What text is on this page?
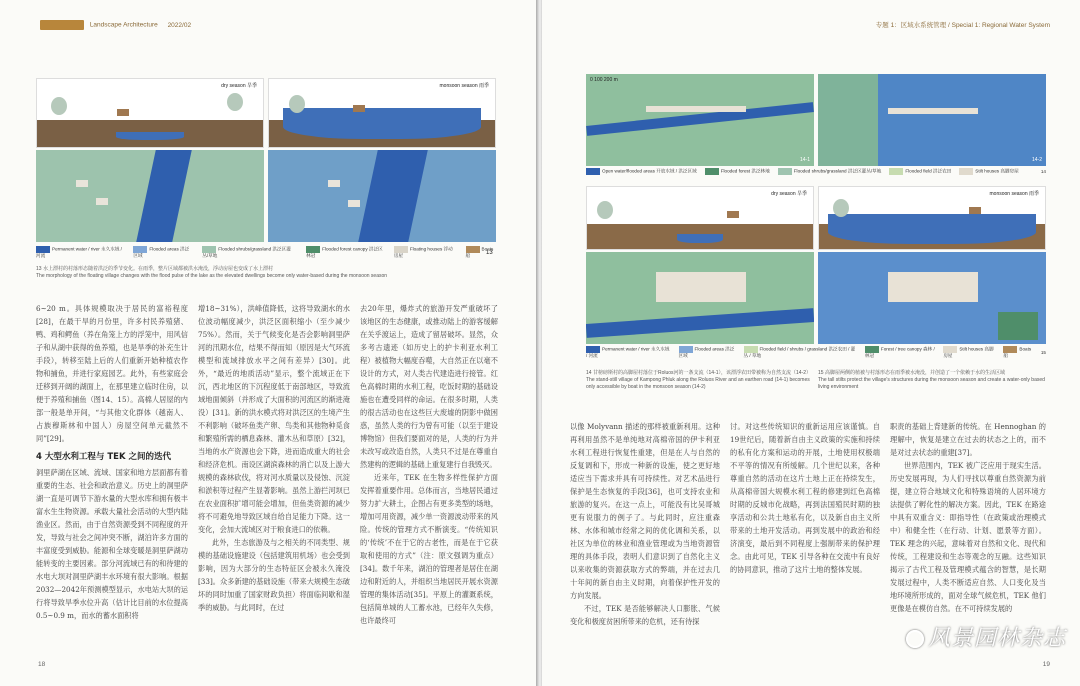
Landscape Architecture 2022/02
dry season 旱季	monsoon season 雨季
Permanent water / river 永久水域 / 河流
Flooded areas 洪泛区域
Flooded shrubs/grassland 洪泛区灌丛/草地
Flooded forest canopy 洪泛区林冠
Floating houses 浮动房屋
Boats 船	13
13 水上漂村的村落形态随着洪泛的季节变化。在雨季，整片区域都被洪水淹没，浮动房屋也变成了水上漂村
The morphology of the floating village changes with the flood pulse of the lake as the elevated dwellings become only water-based during the monsoon season

6~20 m。具体规模取决于居民的富裕程度[28]，在最干旱的月份里，许多村民养殖猪、鸭、鸡和鳄鱼（养在角笼上方的浮笼中，用风信子和从湖中获得的鱼养殖，也是旱季的补充生计手段），转移至陆上后的人们重新开始种植农作物和捕鱼，并进行家庭园艺。此外，有些家庭会迁移到开阔的湖面上，在那里建立临时住房，以便于养殖和捕鱼（图14、15）。高棉人居屋的内部一般是单开间，“与其他文化群体（越南人、占族穆斯林和中国人）房屋空间单元截然不同”[29]。

4 大型水利工程与 TEK 之间的迭代

洞里萨湖在区域、流域、国家和地方层面都有着重要的生态、社会和政治意义。历史上的洞里萨湖一直是可调节下游水量的大型水库和拥有极丰富水生生物资源。承载大量社会活动的大型内陆渔业区。然而，由于自然资源受到不同程度的开发，导致与社会之间冲突不断，湖泊许多方面的丰富度受到威胁。能源和全球变暖是洞里萨湖功能转变的主要因素。部分河流域已有的和待建的水电大坝对洞里萨湖丰水环境有很大影响。根据2032—2042年预测模型显示，水电站大坝的运行将导致旱季水位升高（估计比目前的水位提高0.5~0.9 m，而水的蓄水面积将

增18~31%），洪峰值降低，这将导致湖水的水位波动幅度减少，洪泛区面积缩小（至少减少75%）。然而，关于气候变化是否会影响洞里萨河的汛期水位，结果不得而知（原因是大气环流模型和流域排放水平之间有差异）[30]。此外，“最近的地质活动”显示，整个流域正在下沉，西北地区的下沉程度低于南部地区，导致流域地面倾斜（并形成了大面积的河流区的渐进淹没）[31]。新的洪水模式将对洪泛区的生境产生不利影响（破坏鱼类产卵、鸟类和其他物种觅食和繁殖所需的栖息森林、灌木丛和草原）[32]，当地的水产资源也会下降，进而造成重大的社会和经济危机。南设区湖滨森林的消亡以及上游大规模的森林砍伐，将对河水质量以及侵蚀、沉淀和淤积等过程产生显著影响。虽然上游拦河坝已在农业面积扩增可能会增加，但鱼类资源的减少将不可避免地导致区域自给自足能力下降。这一变化，会加大流域区对于粮食进口的依赖。

此外，生态旅游及与之相关的不同类型、规模的基础设施建设（包括建筑用机场）也会受到影响，因为大部分的生态特征区会被永久淹没[33]。众多新建的基础设施（带来大规模生态破坏的同时加重了国家财政负担）将面临间歇和湿季的威胁。与此同时，在过

去20年里，爆炸式的旅游开发严重破坏了该地区的生态健康，或推动陆上的游客缓解在关乎渡运上，造成了留居破坏。显然，众多考古遗迹（如历史上的护卡利亚水利工程）被植物大幅度吞噬，大自然正在以毫不设计的方式，对人类古代建造进行接管。红色高棉时期的水利工程，吃饭时期的基础设施也在遭受同样的命运。在很多时期，人类的很古活动也在这些巨大废墟的阴影中做困惑，虽然人类的行为曾有可能（以至于建设博物馆）但我们要面对的是，人类的行为并未改写或改造自然，人类只不过是在尊重自然建构的逻辑的基础上重复建行自我毁灭。

近来年，TEK 在生物多样性保护方面发挥着重要作用。总体而言，当地居民通过努力扩大耕土，企图占有更多类型的场地，增加可用资源，减少单一资源波动带来的风险。传统的管理方式不断演变。“传统知识的‘传统’不在于它的古老性，而是在于它获取和使用的方式”（注：原文强调为重点）[34]。数千年来，湖泊的管理者是居住在湖边和附近的人，并组织当地居民开展水资源管理的集体活动[35]。平原上的灌溉系统，包括简单城的人工蓄水池，已经年久失修，也许最终可

18
专题 1：区域水系统管理 / Special 1: Regional Water System
0 100 200 m
14-1	14-2
Open water/flooded areas 开放水域 / 洪泛区域	Flooded forest 洪泛林地	Flooded shrubs/grassland 洪泛区灌丛/草地	Flooded field 洪泛农田	Stilt houses 高脚房屋	14
dry season 旱季	monsoon season 雨季
Permanent water / river 永久水域 / 河流
Flooded areas 洪泛区域
Flooded field / shrubs / grassland 洪泛农田 / 灌丛 / 草地
Forest / tree canopy 森林 / 林冠
Stilt houses 高脚房屋
Boats 船
15
14 甘榜磅斯村的高脚屋村落位于Roluos河的一条支流（14-1），该漂浮农田带被称为自然支流（14-2）
The stand-still village of Kampong Phluk along the Roluos River and an earthen road (14-1) becomes only accessible by boat in the monsoon season (14-2)
15 高脚屋两侧的植被与村落形态在雨季被水淹没，并创造了一个依赖于水的生活区域
The tall stilts protect the village's structures during the monsoon season and create a water-only based living environment

以像 Molyvann 描述的那样被重新利用。这种再利用虽然不是单纯地对高棉帝国的伊卡利亚水利工程进行恢复性重建，但是在人与自然的反复调和下，形成一种新的设施，使之更好地适应当下需求并具有可持续性。对艺术品进行保护是生态恢复的手段[36]，也可支持农业和旅游的复兴。在这一点上，可能没有比吴哥城更有说服力的例子了。与此同时，应注重森林、水体和城市经常之间的优化调和关系，以社区为单位的林业和渔业管理或为当地资源管理的具体手段，表明人们意识到了自然化主义以来收集的资源获取方式的弊端，并在过去几十年间的新自由主义时期，向着保护性开发的方向发展。

不过，TEK 是否能够解决人口膨胀、气候变化和极度贫困所带来的危机，还有待探

讨。对这些传统知识的重新运用应该谨慎。自19世纪后，随着新自由主义政策的实施和持续的私有化方案和运动的开展，土地使用权极端不平等的情况有所缓解。几个世纪以来，各种尊重自然的活动在这片土地上正在持续发生，从高棉帝国大规模水利工程的修建到红色高棉时期的反城市化战略，再到法国殖民时期的独享活动和公共土地私有化，以及新自由主义所带来的土地开发活动。再到发展中的政治和经济演变，最后到不同程度上强制带来的保护理念。由此可见，TEK 引导各种在交流中有良好的协同意识，推动了这片土地的整体发展。

职责的基础上背建新的传统。在 Hennoghan 的理解中，恢复是建立在过去的状态之上的，而不是对过去状态的重建[37]。

世界范围内，TEK 被广泛应用于现实生活。历史发展再现，为人们寻找以尊重自然资源为前提，建立符合地域文化和特殊语境的人居环境方法提供了孵化性的解决方案。因此，TEK 在路途中具有双重含义：即指导性（在政策或治理模式中）和健全性（在行动、计划、愿景等方面）。TEK 理念的兴起，意味着对自然和文化、现代和传统，工程建设和生态等观念的互融。这些知识揭示了古代工程及管理模式蕴含的智慧，是长期发展过程中，人类不断适应自然、人口变化及当地环境所形成的，面对全球气候危机，TEK 他们更像是在模仿自然。在不可持续发展的

风景园林杂志
19
